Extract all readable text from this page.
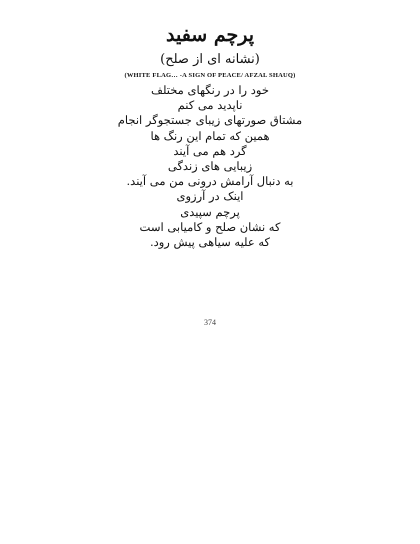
پرچم سفید
(نشانه ای از صلح)
(WHITE FLAG… -A SIGN OF PEACE/ AFZAL SHAUQ)
خود را در رنگهای مختلف
ناپدید می کنم
مشتاق صورتهای زیبای جستجوگر انجام
همین که تمام این رنگ ها
گرد هم می آیند
زیبایی های زندگی
به دنبال آرامش درونی من می آیند.
اینک در آرزوی
پرچم سپیدی
که نشان صلح و کامیابی است
که علیه سیاهی پیش رود.
374
